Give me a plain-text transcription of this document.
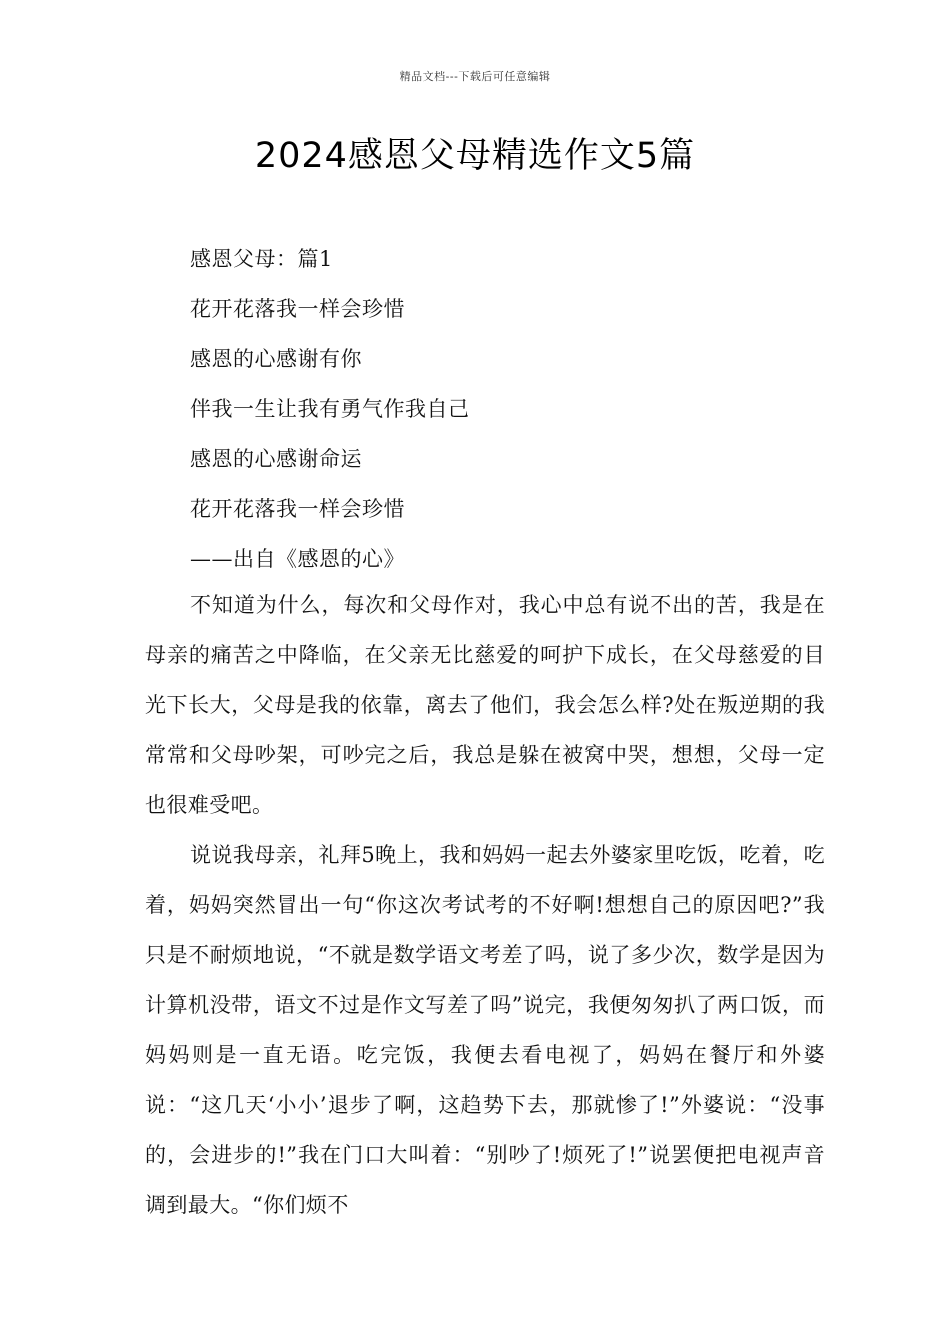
精品文档---下载后可任意编辑
2024感恩父母精选作文5篇
感恩父母：篇1
花开花落我一样会珍惜
感恩的心感谢有你
伴我一生让我有勇气作我自己
感恩的心感谢命运
花开花落我一样会珍惜
——出自《感恩的心》

不知道为什么，每次和父母作对，我心中总有说不出的苦，我是在母亲的痛苦之中降临，在父亲无比慈爱的呵护下成长，在父母慈爱的目光下长大，父母是我的依靠，离去了他们，我会怎么样?处在叛逆期的我常常和父母吵架，可吵完之后，我总是躲在被窝中哭，想想，父母一定也很难受吧。

说说我母亲，礼拜5晚上，我和妈妈一起去外婆家里吃饭，吃着，吃着，妈妈突然冒出一句“你这次考试考的不好啊!想想自己的原因吧?”我只是不耐烦地说，“不就是数学语文考差了吗，说了多少次，数学是因为计算机没带，语文不过是作文写差了吗”说完，我便匆匆扒了两口饭，而妈妈则是一直无语。吃完饭，我便去看电视了，妈妈在餐厅和外婆说：“这几天‘小小’退步了啊，这趋势下去，那就惨了!”外婆说：“没事的，会进步的!”我在门口大叫着：“别吵了!烦死了!”说罢便把电视声音调到最大。“你们烦不
